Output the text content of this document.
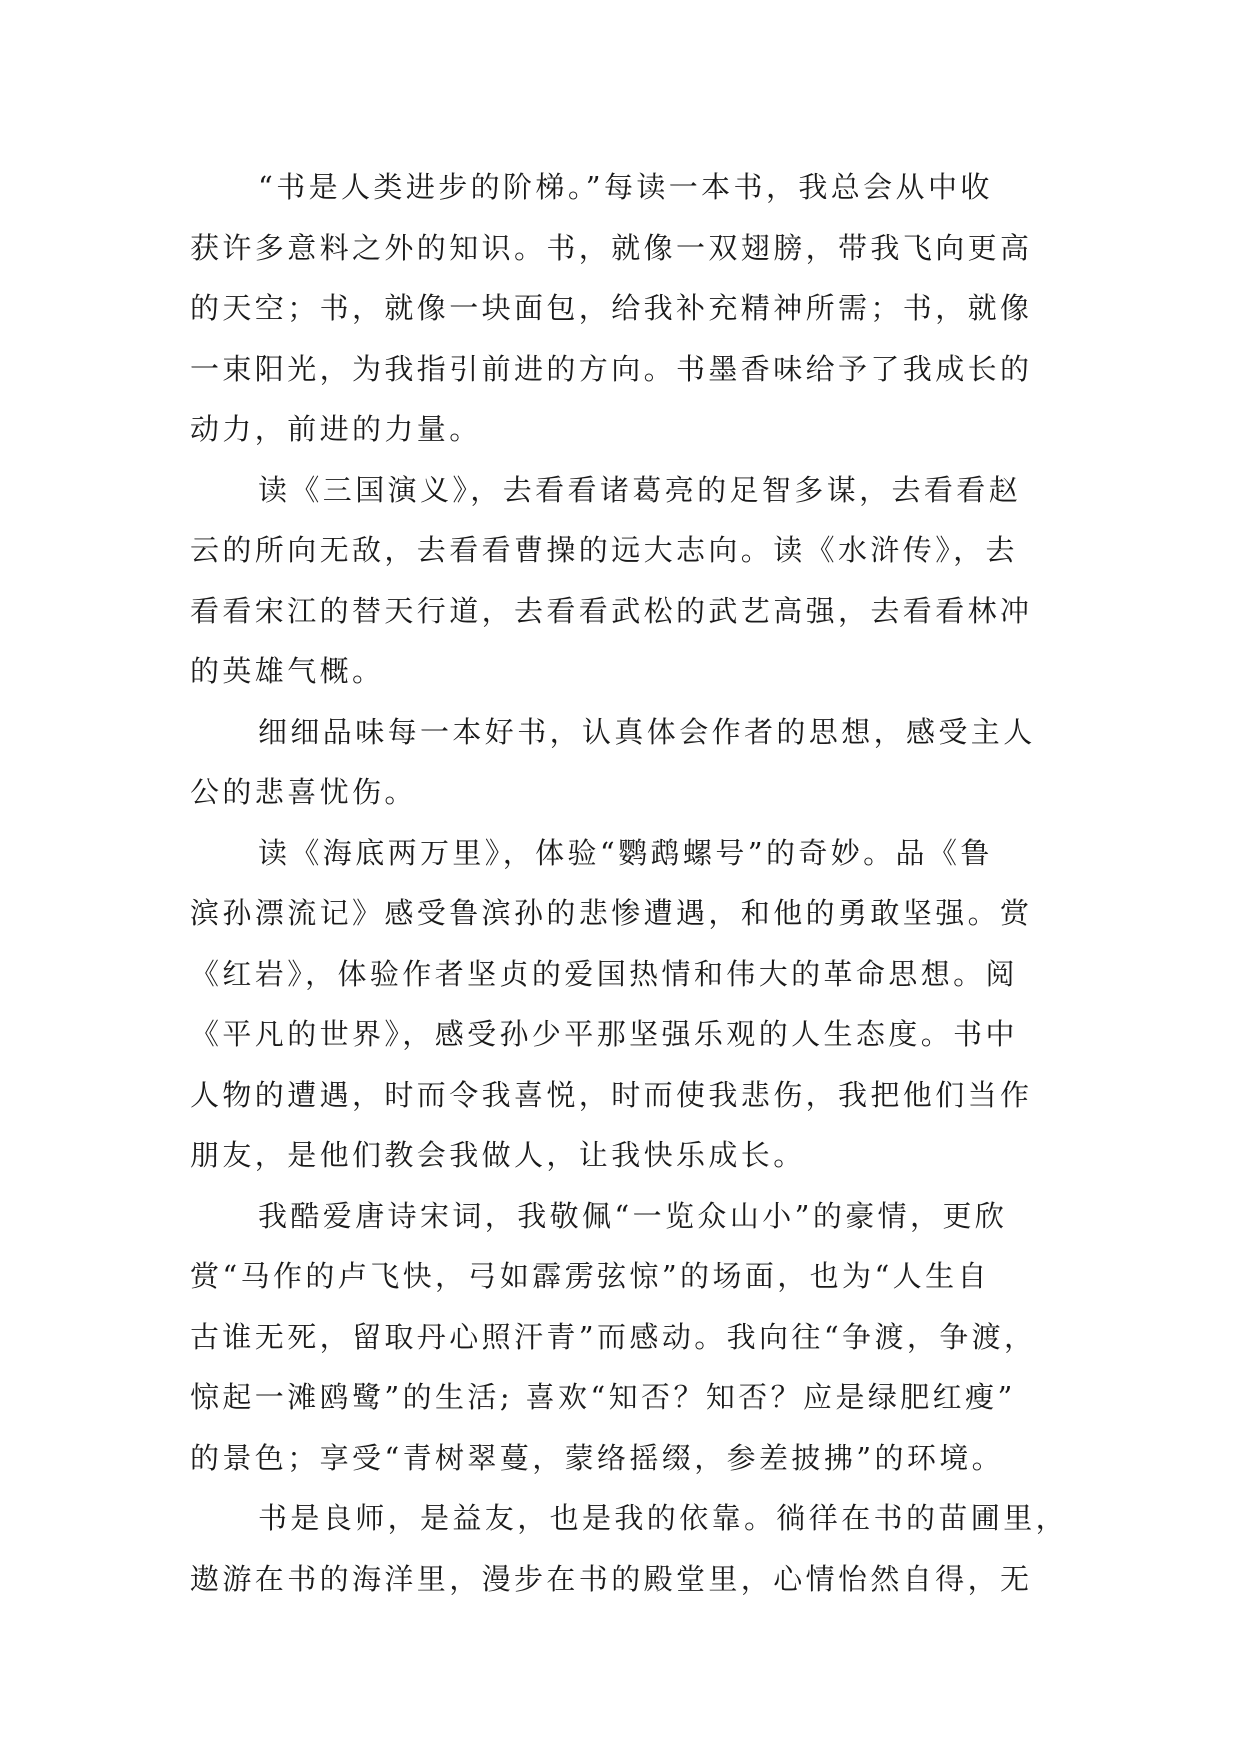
“书是人类进步的阶梯。”每读一本书，我总会从中收
获许多意料之外的知识。书，就像一双翅膀，带我飞向更高
的天空；书，就像一块面包，给我补充精神所需；书，就像
一束阳光，为我指引前进的方向。书墨香味给予了我成长的
动力，前进的力量。
读《三国演义》，去看看诸葛亮的足智多谋，去看看赵
云的所向无敌，去看看曹操的远大志向。读《水浒传》，去
看看宋江的替天行道，去看看武松的武艺高强，去看看林冲
的英雄气概。
细细品味每一本好书，认真体会作者的思想，感受主人
公的悲喜忧伤。
读《海底两万里》，体验“鹦鹉螺号”的奇妙。品《鲁
滨孙漂流记》感受鲁滨孙的悲惨遭遇，和他的勇敢坚强。赏
《红岩》，体验作者坚贞的爱国热情和伟大的革命思想。阅
《平凡的世界》，感受孙少平那坚强乐观的人生态度。书中
人物的遭遇，时而令我喜悦，时而使我悲伤，我把他们当作
朋友，是他们教会我做人，让我快乐成长。
我酷爱唐诗宋词，我敬佩“一览众山小”的豪情，更欣
赏“马作的卢飞快，弓如霹雳弦惊”的场面，也为“人生自
古谁无死，留取丹心照汗青”而感动。我向往“争渡，争渡，
惊起一滩鸥鹭”的生活; 喜欢“知否？知否？应是绿肥红瘦”
的景色；享受“青树翠蔓，蒙络摇缀，参差披拂”的环境。
书是良师，是益友，也是我的依靠。徜徉在书的苗圃里，
遨游在书的海洋里，漫步在书的殿堂里，心情怡然自得，无
